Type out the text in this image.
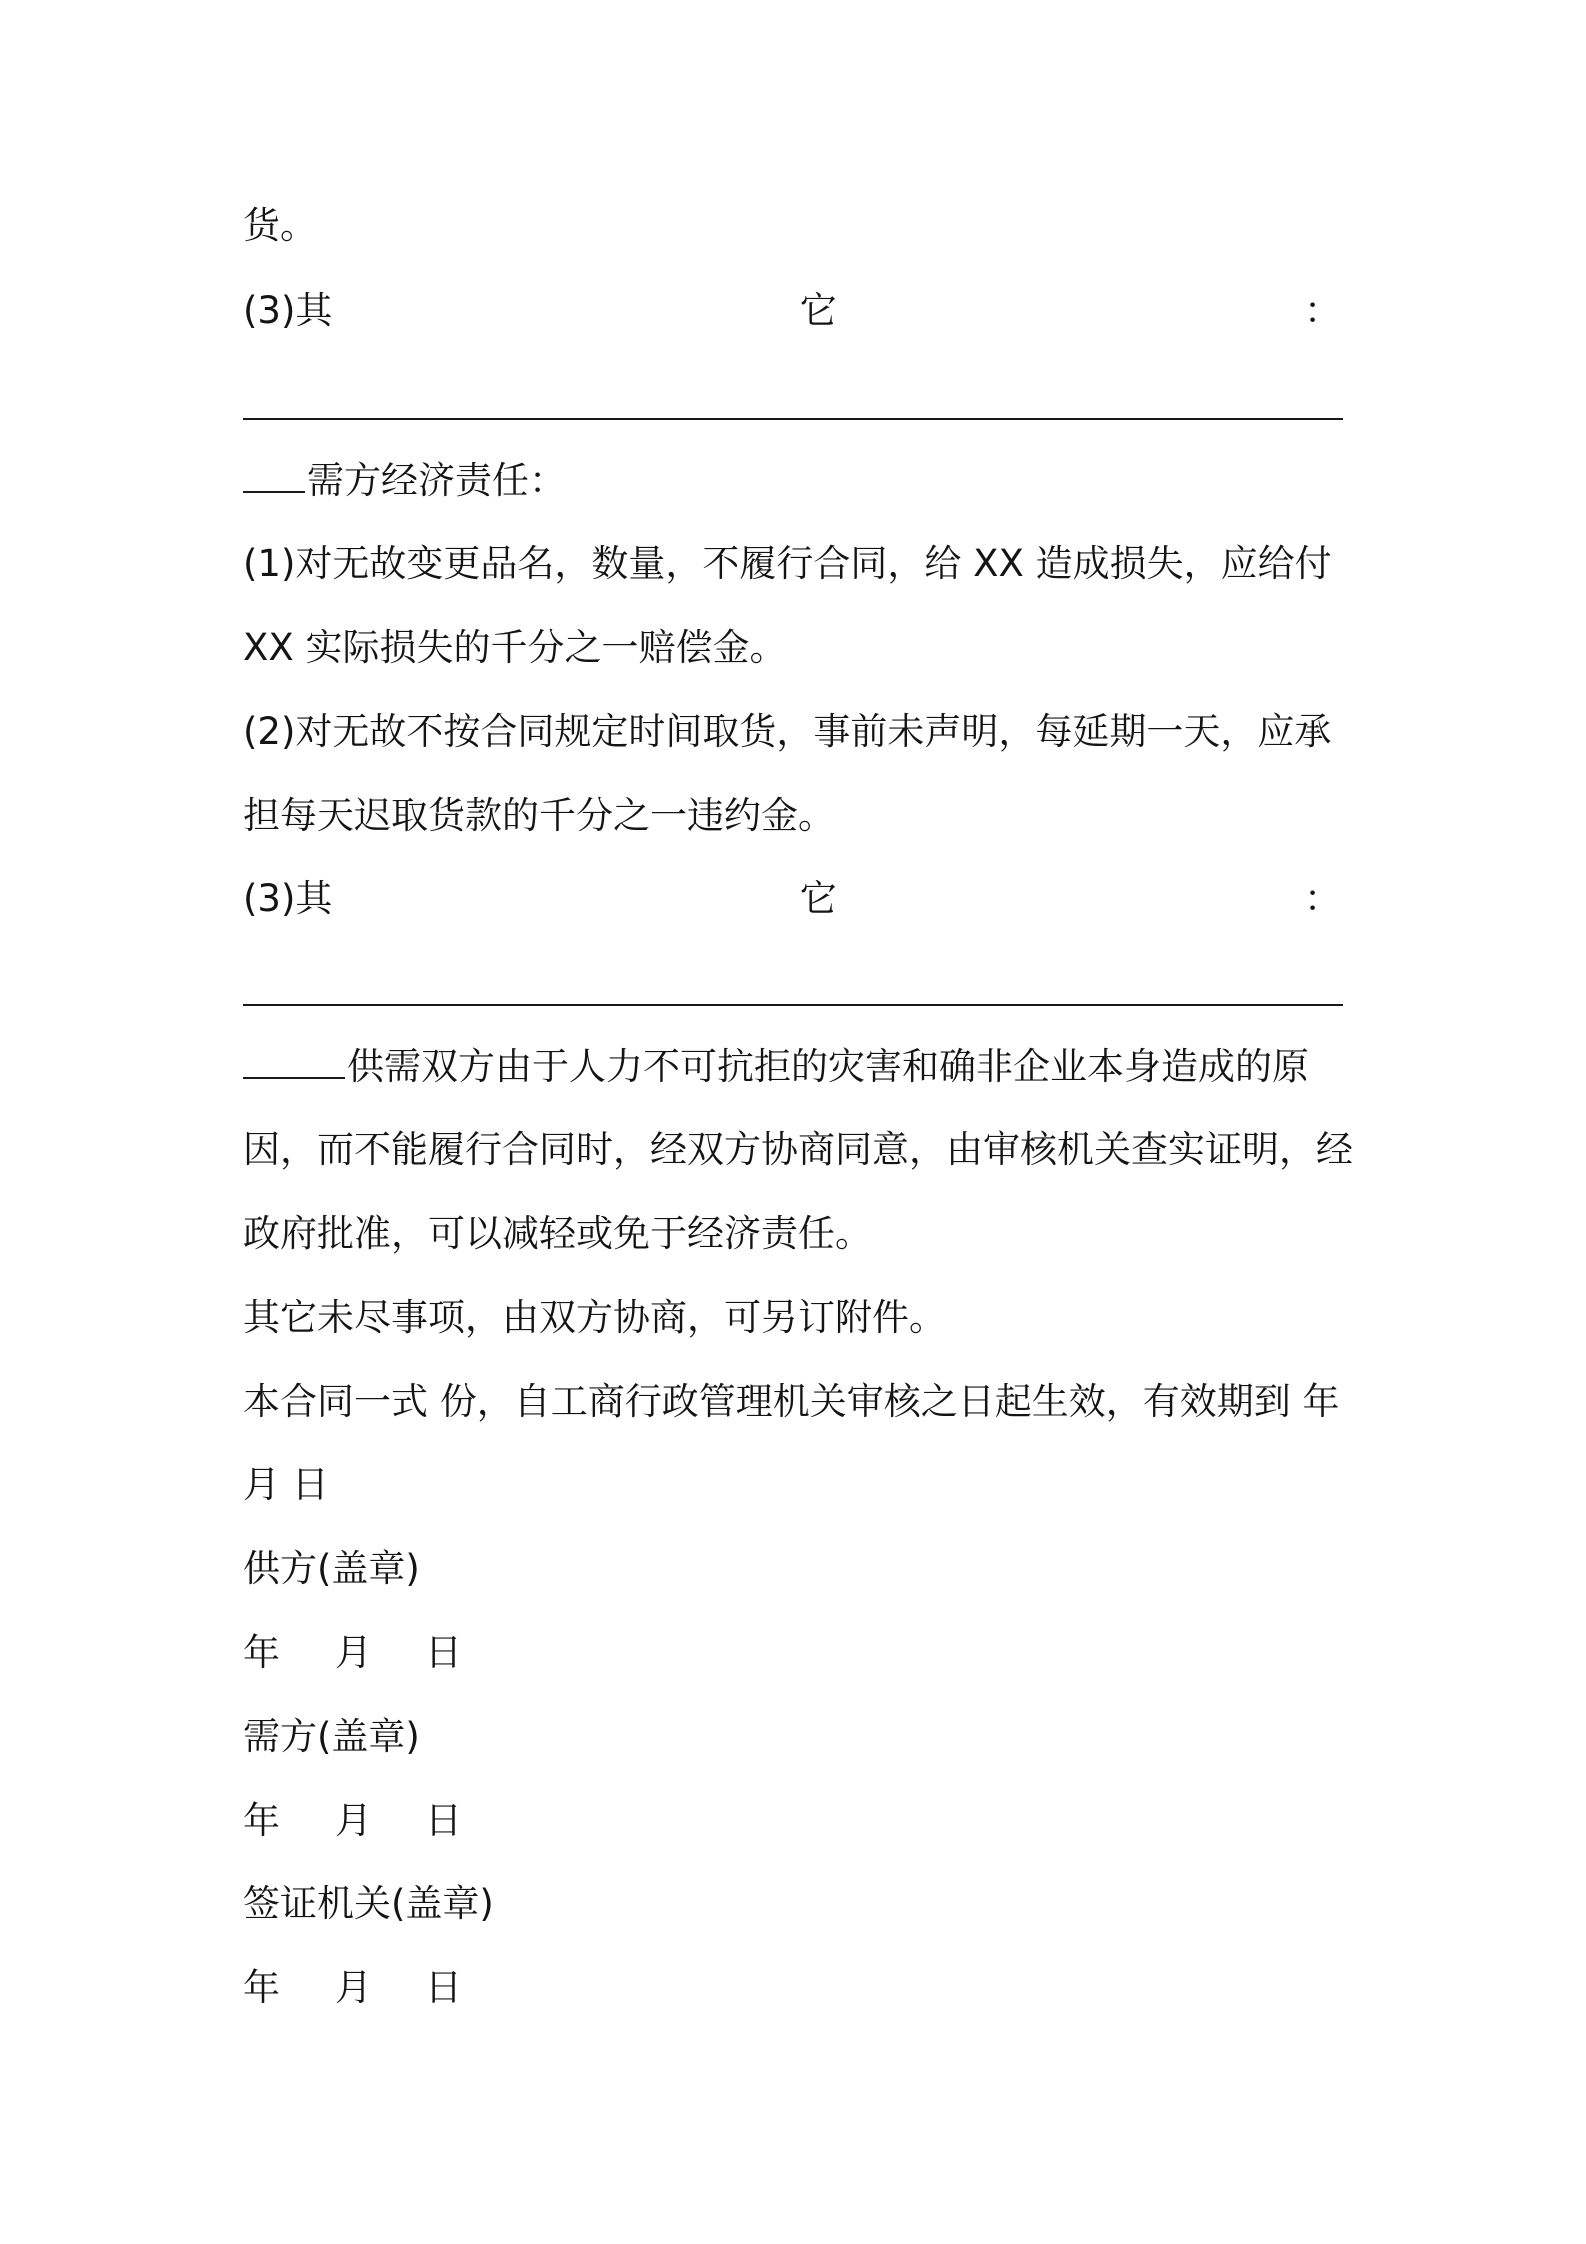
货。
(3)其	它	：
需方经济责任：
(1)对无故变更品名，数量，不履行合同，给 XX 造成损失，应给付
XX 实际损失的千分之一赔偿金。
(2)对无故不按合同规定时间取货，事前未声明，每延期一天，应承
担每天迟取货款的千分之一违约金。
(3)其	它	：
供需双方由于人力不可抗拒的灾害和确非企业本身造成的原
因，而不能履行合同时，经双方协商同意，由审核机关查实证明，经
政府批准，可以减轻或免于经济责任。
其它未尽事项，由双方协商，可另订附件。
本合同一式 份，自工商行政管理机关审核之日起生效，有效期到 年
月 日
供方(盖章)
年 月 日
需方(盖章)
年 月 日
签证机关(盖章)
年 月 日
